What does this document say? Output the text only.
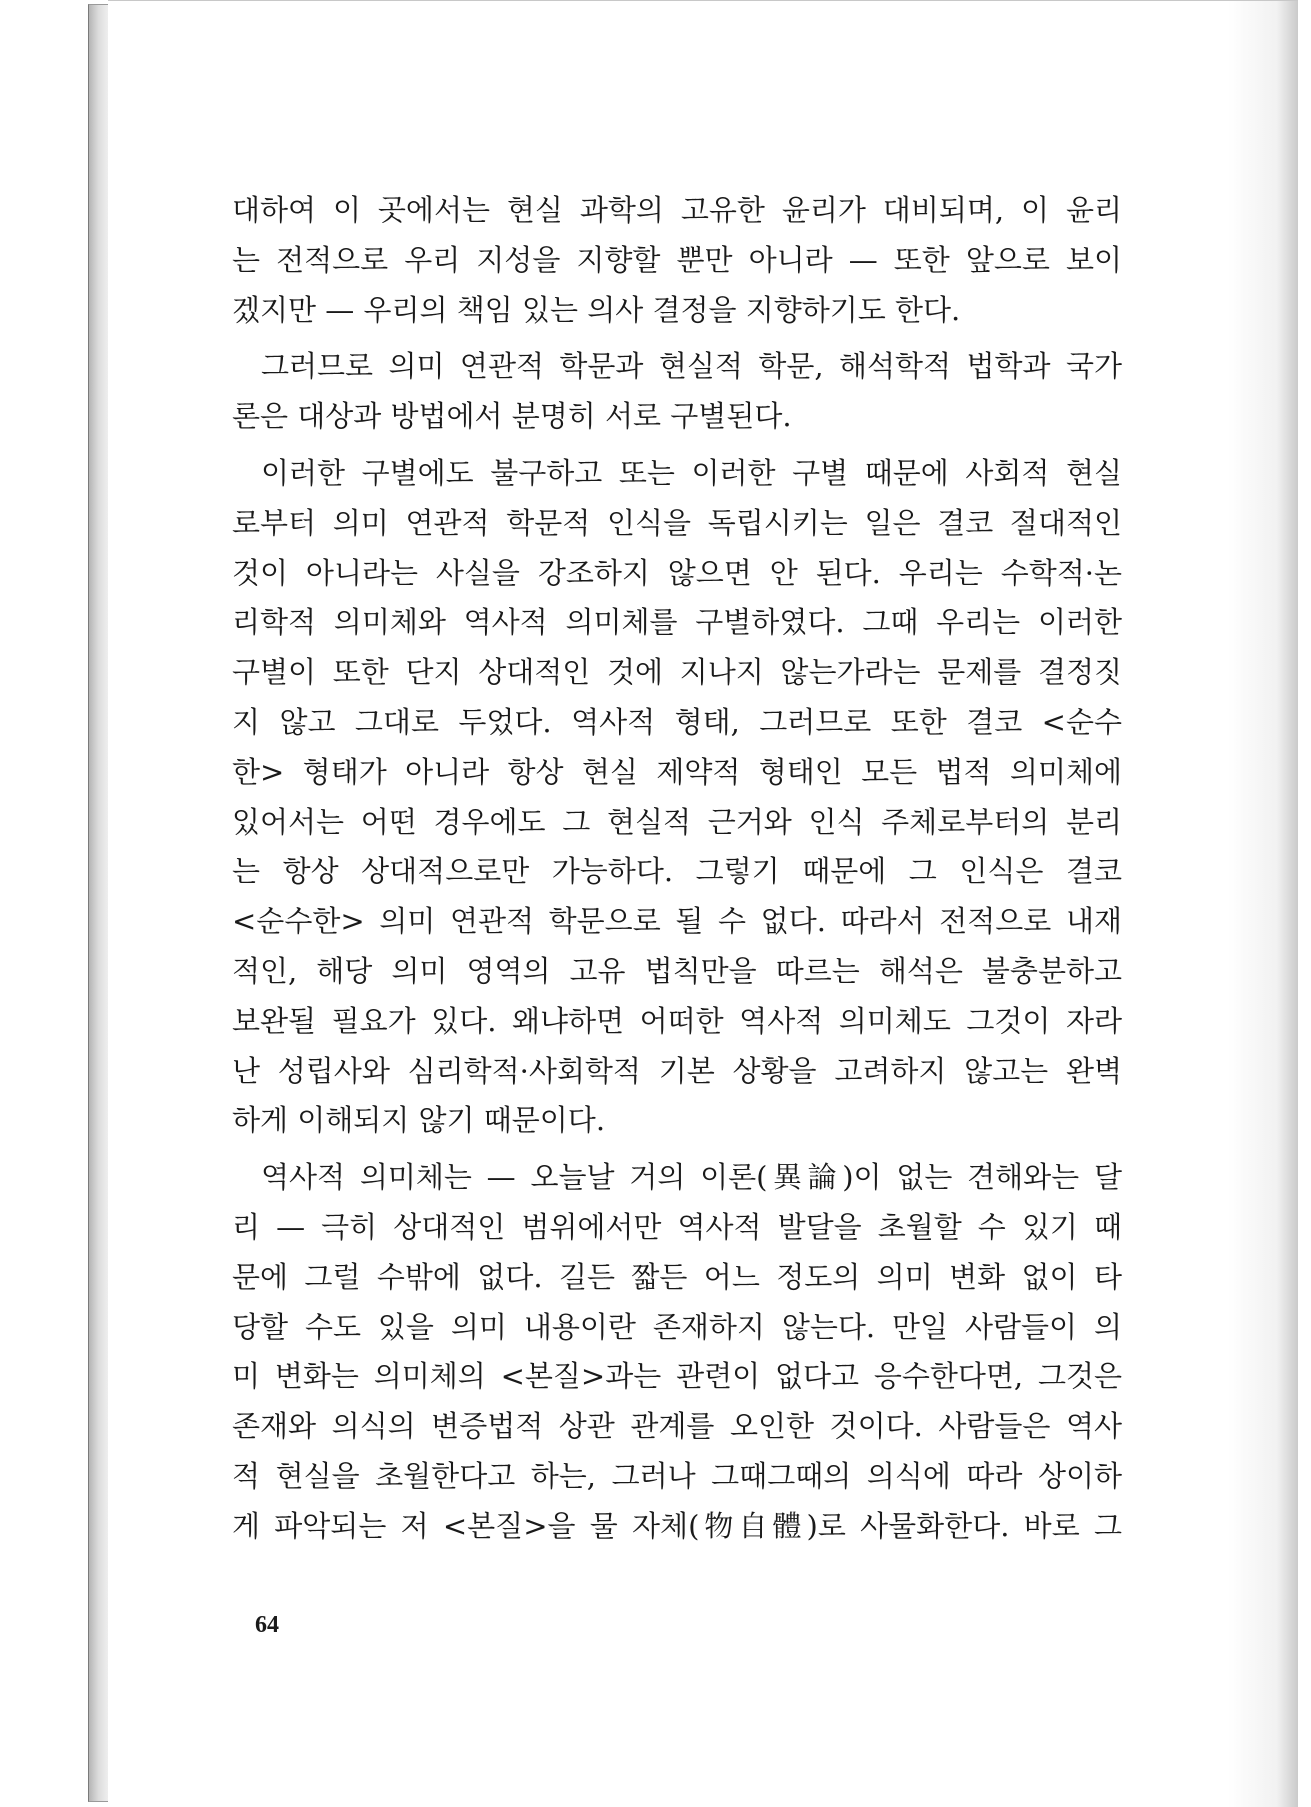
대하여 이 곳에서는 현실 과학의 고유한 윤리가 대비되며, 이 윤리
는 전적으로 우리 지성을 지향할 뿐만 아니라 — 또한 앞으로 보이
겠지만 — 우리의 책임 있는 의사 결정을 지향하기도 한다.
그러므로 의미 연관적 학문과 현실적 학문, 해석학적 법학과 국가
론은 대상과 방법에서 분명히 서로 구별된다.
이러한 구별에도 불구하고 또는 이러한 구별 때문에 사회적 현실
로부터 의미 연관적 학문적 인식을 독립시키는 일은 결코 절대적인
것이 아니라는 사실을 강조하지 않으면 안 된다. 우리는 수학적·논
리학적 의미체와 역사적 의미체를 구별하였다. 그때 우리는 이러한
구별이 또한 단지 상대적인 것에 지나지 않는가라는 문제를 결정짓
지 않고 그대로 두었다. 역사적 형태, 그러므로 또한 결코 <순수
한> 형태가 아니라 항상 현실 제약적 형태인 모든 법적 의미체에
있어서는 어떤 경우에도 그 현실적 근거와 인식 주체로부터의 분리
는 항상 상대적으로만 가능하다. 그렇기 때문에 그 인식은 결코
<순수한> 의미 연관적 학문으로 될 수 없다. 따라서 전적으로 내재
적인, 해당 의미 영역의 고유 법칙만을 따르는 해석은 불충분하고
보완될 필요가 있다. 왜냐하면 어떠한 역사적 의미체도 그것이 자라
난 성립사와 심리학적·사회학적 기본 상황을 고려하지 않고는 완벽
하게 이해되지 않기 때문이다.
역사적 의미체는 — 오늘날 거의 이론(異論)이 없는 견해와는 달
리 — 극히 상대적인 범위에서만 역사적 발달을 초월할 수 있기 때
문에 그럴 수밖에 없다. 길든 짧든 어느 정도의 의미 변화 없이 타
당할 수도 있을 의미 내용이란 존재하지 않는다. 만일 사람들이 의
미 변화는 의미체의 <본질>과는 관련이 없다고 응수한다면, 그것은
존재와 의식의 변증법적 상관 관계를 오인한 것이다. 사람들은 역사
적 현실을 초월한다고 하는, 그러나 그때그때의 의식에 따라 상이하
게 파악되는 저 <본질>을 물 자체(物自體)로 사물화한다. 바로 그
64
